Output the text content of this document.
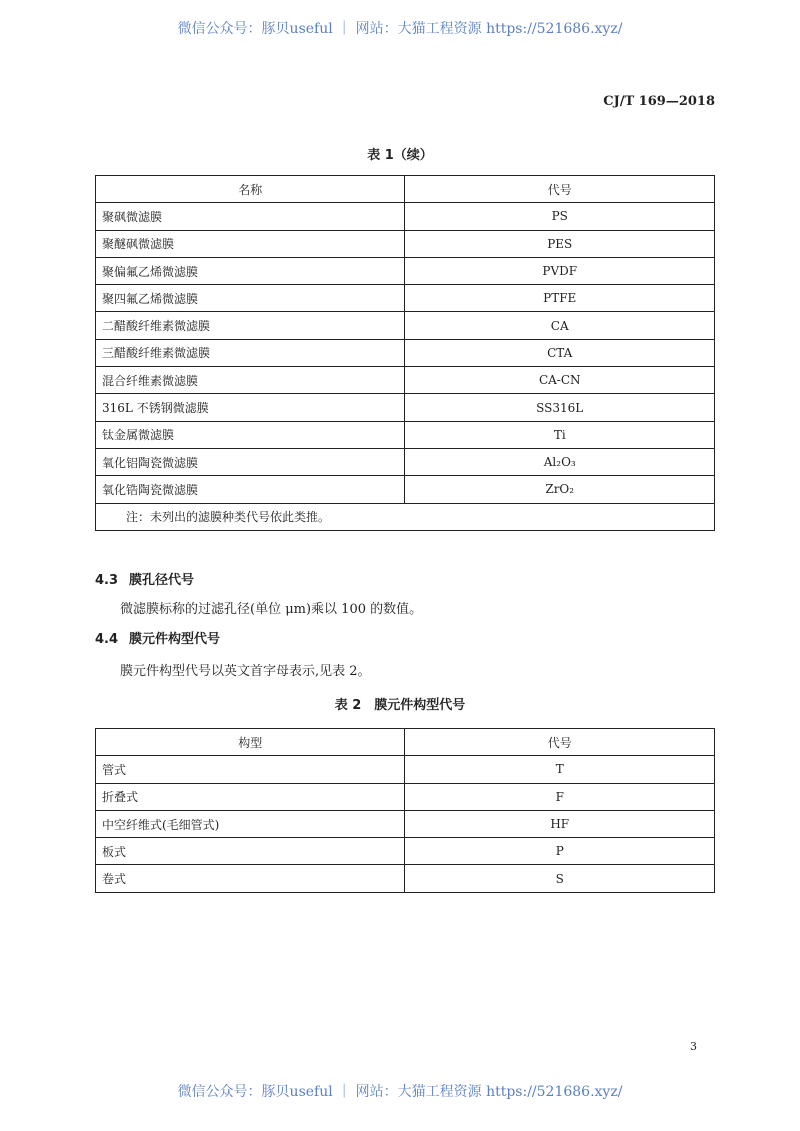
微信公众号：豚贝useful ｜ 网站：大猫工程资源 https://521686.xyz/
CJ/T 169—2018
表 1（续）
名称	代号
聚砜微滤膜	PS
聚醚砜微滤膜	PES
聚偏氟乙烯微滤膜	PVDF
聚四氟乙烯微滤膜	PTFE
二醋酸纤维素微滤膜	CA
三醋酸纤维素微滤膜	CTA
混合纤维素微滤膜	CA-CN
316L 不锈钢微滤膜	SS316L
钛金属微滤膜	Ti
氧化铝陶瓷微滤膜	Al₂O₃
氧化锆陶瓷微滤膜	ZrO₂
注：未列出的滤膜种类代号依此类推。	
4.3 膜孔径代号
微滤膜标称的过滤孔径(单位 μm)乘以 100 的数值。
4.4 膜元件构型代号
膜元件构型代号以英文首字母表示,见表 2。
表 2　膜元件构型代号
构型	代号
管式	T
折叠式	F
中空纤维式(毛细管式)	HF
板式	P
卷式	S
3
微信公众号：豚贝useful ｜ 网站：大猫工程资源 https://521686.xyz/
